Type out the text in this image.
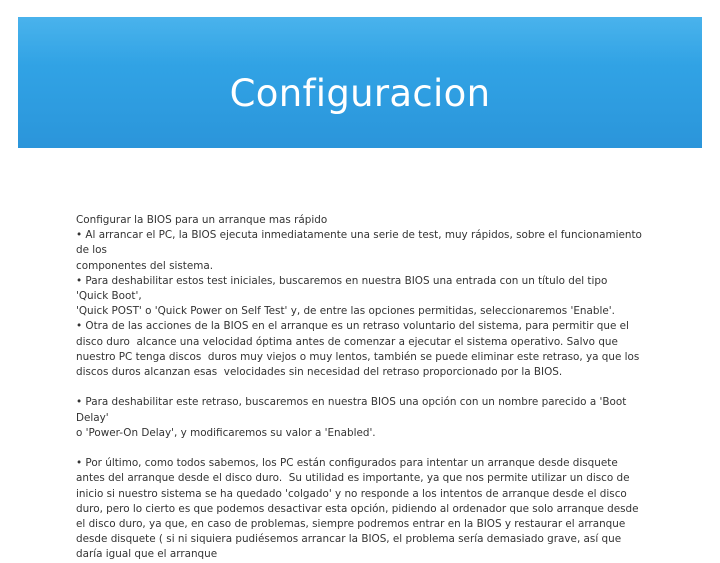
Configuracion

Configurar la BIOS para un arranque mas rápido

• Al arrancar el PC, la BIOS ejecuta inmediatamente una serie de test, muy rápidos, sobre el funcionamiento de los
componentes del sistema.

• Para deshabilitar estos test iniciales, buscaremos en nuestra BIOS una entrada con un título del tipo 'Quick Boot',
'Quick POST' o 'Quick Power on Self Test' y, de entre las opciones permitidas, seleccionaremos 'Enable'.

• Otra de las acciones de la BIOS en el arranque es un retraso voluntario del sistema, para permitir que el disco duro  alcance una velocidad óptima antes de comenzar a ejecutar el sistema operativo. Salvo que nuestro PC tenga discos  duros muy viejos o muy lentos, también se puede eliminar este retraso, ya que los discos duros alcanzan esas  velocidades sin necesidad del retraso proporcionado por la BIOS.

• Para deshabilitar este retraso, buscaremos en nuestra BIOS una opción con un nombre parecido a 'Boot Delay'
o 'Power-On Delay', y modificaremos su valor a 'Enabled'.

• Por último, como todos sabemos, los PC están configurados para intentar un arranque desde disquete antes del arranque desde el disco duro.  Su utilidad es importante, ya que nos permite utilizar un disco de inicio si nuestro sistema se ha quedado 'colgado' y no responde a los intentos de arranque desde el disco duro, pero lo cierto es que podemos desactivar esta opción, pidiendo al ordenador que solo arranque desde el disco duro, ya que, en caso de problemas, siempre podremos entrar en la BIOS y restaurar el arranque desde disquete ( si ni siquiera pudiésemos arrancar la BIOS, el problema sería demasiado grave, así que daría igual que el arranque
